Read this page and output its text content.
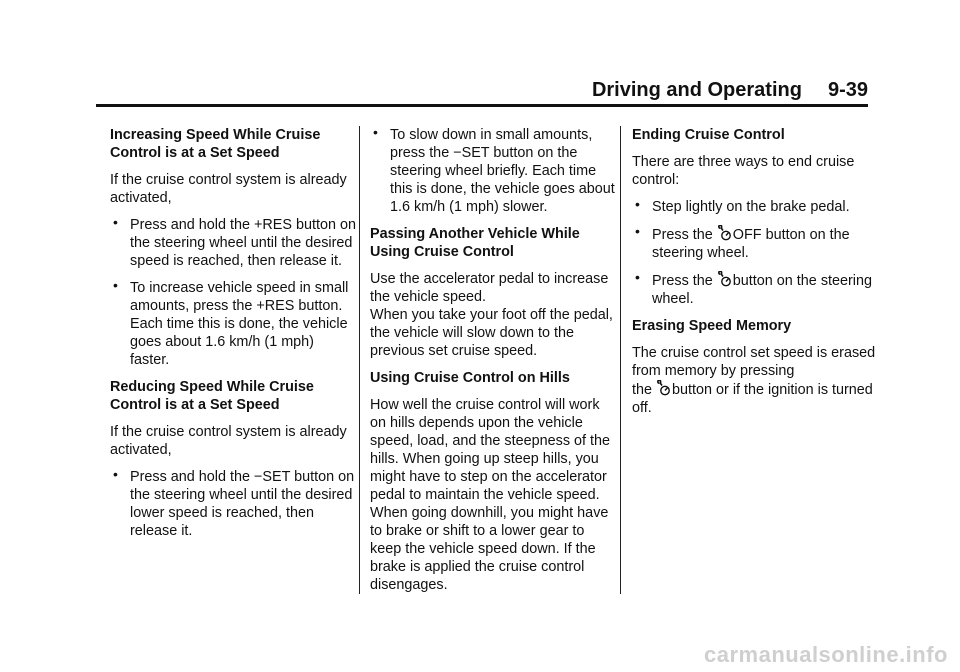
Driving and Operating 9-39
Increasing Speed While Cruise Control is at a Set Speed

If the cruise control system is already activated,

• Press and hold the +RES button on the steering wheel until the desired speed is reached, then release it.
• To increase vehicle speed in small amounts, press the +RES button. Each time this is done, the vehicle goes about 1.6 km/h (1 mph) faster.
Reducing Speed While Cruise Control is at a Set Speed

If the cruise control system is already activated,

• Press and hold the −SET button on the steering wheel until the desired lower speed is reached, then release it.
• To slow down in small amounts, press the −SET button on the steering wheel briefly. Each time this is done, the vehicle goes about 1.6 km/h (1 mph) slower.
Passing Another Vehicle While Using Cruise Control

Use the accelerator pedal to increase the vehicle speed.
When you take your foot off the pedal, the vehicle will slow down to the previous set cruise speed.

Using Cruise Control on Hills

How well the cruise control will work on hills depends upon the vehicle speed, load, and the steepness of the hills. When going up steep hills, you might have to step on the accelerator pedal to maintain the vehicle speed. When going downhill, you might have to brake or shift to a lower gear to keep the vehicle speed down. If the brake is applied the cruise control disengages.

Ending Cruise Control

There are three ways to end cruise control:

• Step lightly on the brake pedal.
• Press the OFF button on the steering wheel.
• Press the button on the steering wheel.
Erasing Speed Memory

The cruise control set speed is erased from memory by pressing
the button or if the ignition is turned off.

carmanualsonline.info
